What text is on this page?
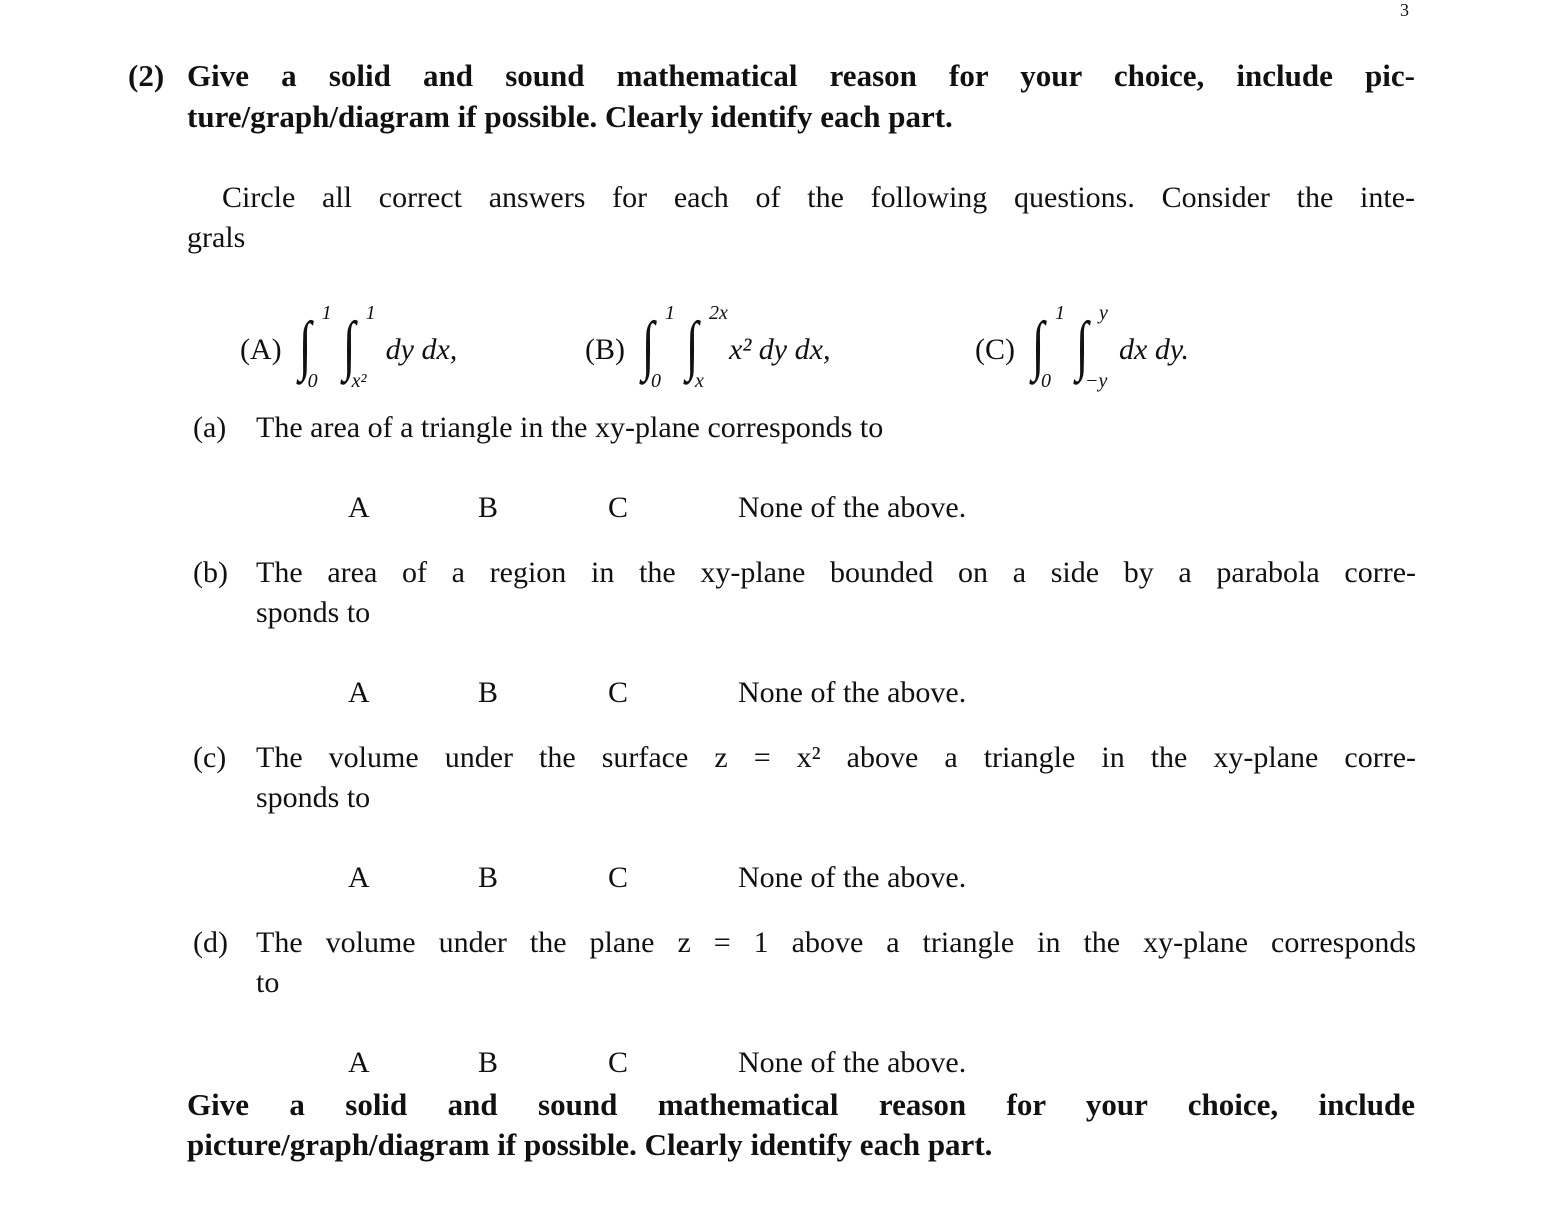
3
(2) Give a solid and sound mathematical reason for your choice, include pic-
ture/graph/diagram if possible. Clearly identify each part.
Circle all correct answers for each of the following questions. Consider the inte-
grals
(A) ∫ 1
0 ∫ 1
x²
dy dx,	(B) ∫ 1
0 ∫ 2x
x
x² dy dx,	(C) ∫ 1
0 ∫ y
−y
dx dy.
(a) The area of a triangle in the xy-plane corresponds to
A	B	C	None of the above.
(b) The area of a region in the xy-plane bounded on a side by a parabola corre-
sponds to
A	B	C	None of the above.
(c) The volume under the surface z = x² above a triangle in the xy-plane corre-
sponds to
A	B	C	None of the above.
(d) The volume under the plane z = 1 above a triangle in the xy-plane corresponds
to
A	B	C	None of the above.
Give a solid and sound mathematical reason for your choice, include
picture/graph/diagram if possible. Clearly identify each part.
